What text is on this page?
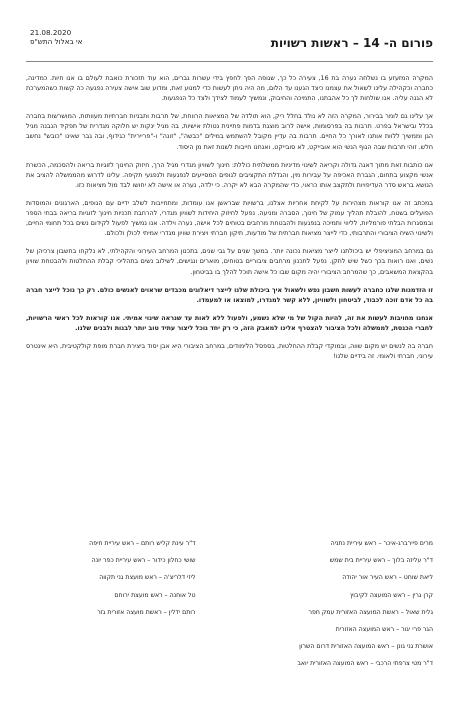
21.08.2020
אי באלול התש"פ	פורום ה- 14 – ראשות רשויות

המקרה המזעזע בו נשלחה נערה בת 16, צעירה כל כך, שגופה הפך לחפץ בידי עשרות גברים, הוא עוד תזכורת כואבת לעולם בו אנו חיות. כמדינה, כחברה וכקהילה עלינו לשאול את עצמנו כיצד הגענו עד הלום, מה היה ניתן לעשות כדי למנוע זאת, ומדוע שוב אישה צעירה נפגעה כה קשות כשהמערכת לא הגנה עליה. אנו שולחות לך כל אהבתנו, התמיכה והחיבוק, ונמשיך לעמוד לצידך ולצד כל הנפגעות.

אך עלינו גם לומר בבירור, המקרה הזה לא נולד בחלל ריק, הוא תולדה של המציאות הרווחת, של תרבות ותבניות חברתיות מעוותות, המושרשות בחברה בכלל ובישראל בפרט. תרבות בה בפרסומות, אישה לרוב מוצגת בדמות פתיינית נטולת אישיות, בה מגיל ינקות יש חלוקה מגדרית של תפקיד הנבנה מגיל הגן וממשיך ללוות אותנו לאורך כל החיים. תרבות בה עדיין מקובל להשתמש במילים "כבשה", "זונה" ו-"פריירית" כגידוף, ובה גבר שאינו "כובש" נחשב חלש. זוהי תרבות שבה הגוף הנשי הוא אובייקט, לא סובייקט, ואנחנו חייבות לשנות זאת מן היסוד.

אנו כותבות זאת מתוך דאגה גדולה וקריאה לשינוי מדיניות ממשלתית כוללת: חינוך לשוויון מגדרי מגיל הרך, חיזוק החינוך לזוגיות בריאה ולהסכמה, הכשרת אנשי מקצוע בתחום, הגברת האכיפה על עבירות מין, והגדלת התקציבים לגופים המסייעים לנפגעות ולנפגעי תקיפה. עלינו לדרוש מהממשלה להציב את הנושא בראש סדר העדיפויות ולתקצב אותו כראוי, כדי שהמקרה הבא לא יקרה. כי ילדה, נערה או אישה לא יחושו לבד מול מציאות כזו.

במכתב זה אנו קוראות מצהירות על לקיחת אחריות אצלנו, ברשויות שבראשן אנו עומדות, ומתחייבות לשלב ידיים עם הגופים, הארגונים והמוסדות הפועלים בשטח, להובלת תהליך עמוק של חינוך, הסברה ומניעה. נפעל לחיזוק היחידות לשוויון מגדרי, להרחבת תכניות חינוך לזוגיות בריאה בבתי הספר ובמסגרות הבלתי פורמליות, לליווי ותמיכה בנפגעות ולהבטחת מרחבים בטוחים לכל אישה, נערה וילדה. אנו נמשיך לפעול לקידום נשים בכל תחומי החיים, ולשינוי השיח הציבורי והתרבותי, כדי לייצר מציאות חברתית של מודעות, תיקון חברתי ויצירת שוויון מגדרי אמיתי לכולן ולכולם.

גם במרחב המוניציפלי יש ביכולתנו לייצר מציאות נכונה יותר. במשך שנים על גבי שנים, בתכנון המרחב העירוני והקהילתי, לא נלקחו בחשבון צרכיהן של נשים, ואנו רואות בכך כשל שיש לתקן. נפעל לתכנון מרחבים ציבוריים בטוחים, מוארים ונגישים, לשילוב נשים בתהליכי קבלת ההחלטות ולהבטחת שוויון בהקצאת המשאבים, כך שהמרחב הציבורי יהיה מקום שבו כל אישה תוכל להלך בו בביטחון.

זו הזדמנות שלנו כחברה לעשות חשבון נפש ולשאול איך ביכולת שלנו לייצר דיאלוגים מכבדים שראוים לאנשים כולם. רק כך נוכל לייצר חברה בה כל אדם זוכה לכבוד, לביטחון ולשוויון, ללא קשר למגדרו, למוצאו או למעמדו.

אנחנו מחויבות לעשות את זה, להיות הקול של מי שלא נשמע, ולפעול ללא לאות עד שנראה שינוי אמיתי. אנו קוראות לכל ראשי הרשויות, לחברי הכנסת, לממשלה ולכל הציבור להצטרף אלינו למאבק הזה, כי רק יחד נוכל ליצור עתיד טוב יותר לבנות ולבנים שלנו.

חברה בה לנשים יש מקום שווה, ובמוקדי קבלת ההחלטות, בספסל הלימודים, במרחב הציבורי היא אבן יסוד ביצירת חברת מופת קולקטיבית, היא אינטרס עירוני, חברתי ולאומי. זה בידיים שלנו!

מרים פיירברג-איכר – ראש עיריית נתניה
ד"ר עליזה בלוך – ראש עיריית בית שמש
ליאת שוחט – ראש העיר אור יהודה
קרן גרין – ראש המועצה לקיבוץ
גלית שאול – ראשת המועצה האזורית עמק חפר
הגר פרי יגור – ראש המועצה האזורית
אושרת גני גונן – ראש המועצה האזורית דרום השרון
ד"ר מטי צרפתי הרכבי – ראש המועצה האזורית יואב
ד"ר עינת קליש רותם – ראש עיריית חיפה
שושי כחלון כידור – ראש עיריית כפר יונה
ליזי דלריצ'ה – ראש מועצת גני תקווה
טל אוחנה – ראש מועצת ירוחם
רותם ידלין – ראשת מועצה אזורית גזר
